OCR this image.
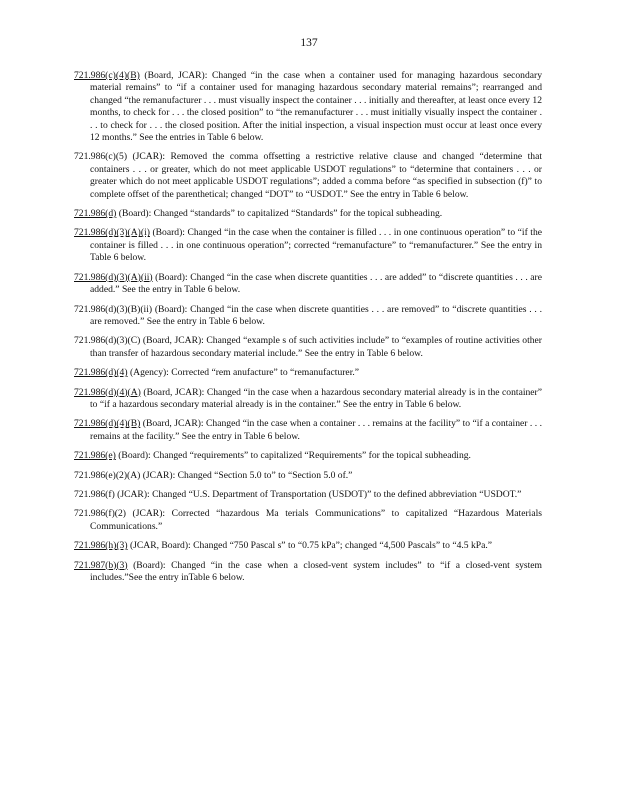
137

721.986(c)(4)(B) (Board, JCAR): Changed “in the case when a container used for managing hazardous secondary material remains” to “if a container used for managing hazardous secondary material remains”; rearranged and changed “the remanufacturer . . . must visually inspect the container . . . initially and thereafter, at least once every 12 months, to check for . . . the closed position” to “the remanufacturer . . . must initially visually inspect the container . . . to check for . . . the closed position. After the initial inspection, a visual inspection must occur at least once every 12 months.” See the entries in Table 6 below.

721.986(c)(5) (JCAR): Removed the comma offsetting a restrictive relative clause and changed “determine that containers . . . or greater, which do not meet applicable USDOT regulations” to “determine that containers . . . or greater which do not meet applicable USDOT regulations”; added a comma before “as specified in subsection (f)” to complete offset of the parenthetical; changed “DOT” to “USDOT.” See the entry in Table 6 below.

721.986(d) (Board): Changed “standards” to capitalized “Standards” for the topical subheading.

721.986(d)(3)(A)(i) (Board): Changed “in the case when the container is filled . . . in one continuous operation” to “if the container is filled . . . in one continuous operation”; corrected “remanufacture” to “remanufacturer.” See the entry in Table 6 below.

721.986(d)(3)(A)(ii) (Board): Changed “in the case when discrete quantities . . . are added” to “discrete quantities . . . are added.” See the entry in Table 6 below.

721.986(d)(3)(B)(ii) (Board): Changed “in the case when discrete quantities . . . are removed” to “discrete quantities . . . are removed.” See the entry in Table 6 below.

721.986(d)(3)(C) (Board, JCAR): Changed “example s of such activities include” to “examples of routine activities other than transfer of hazardous secondary material include.” See the entry in Table 6 below.

721.986(d)(4) (Agency): Corrected “rem anufacture” to “remanufacturer.”

721.986(d)(4)(A) (Board, JCAR): Changed “in the case when a hazardous secondary material already is in the container” to “if a hazardous secondary material already is in the container.” See the entry in Table 6 below.

721.986(d)(4)(B) (Board, JCAR): Changed “in the case when a container . . . remains at the facility” to “if a container . . . remains at the facility.” See the entry in Table 6 below.

721.986(e) (Board): Changed “requirements” to capitalized “Requirements” for the topical subheading.

721.986(e)(2)(A) (JCAR): Changed “Section 5.0 to” to “Section 5.0 of.”

721.986(f) (JCAR): Changed “U.S. Department of Transportation (USDOT)” to the defined abbreviation “USDOT.”

721.986(f)(2) (JCAR): Corrected “hazardous Ma terials Communications” to capitalized “Hazardous Materials Communications.”

721.986(h)(3) (JCAR, Board): Changed “750 Pascal s” to “0.75 kPa”; changed “4,500 Pascals” to “4.5 kPa.”

721.987(b)(3) (Board): Changed “in the case when a closed-vent system includes” to “if a closed-vent system includes.”See the entry inTable 6 below.
